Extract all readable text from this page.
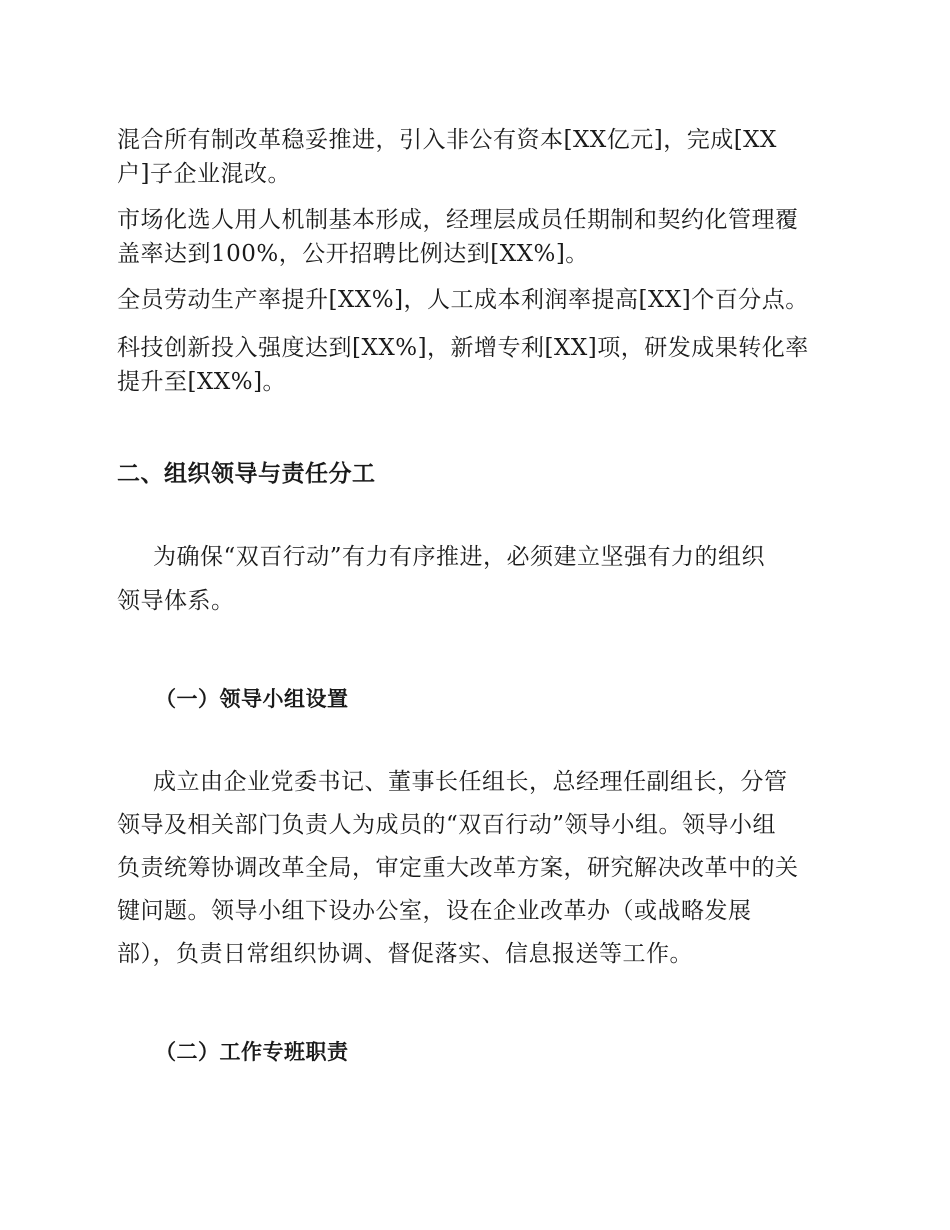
混合所有制改革稳妥推进，引入非公有资本[XX亿元]，完成[XX

户]子企业混改。

市场化选人用人机制基本形成，经理层成员任期制和契约化管理覆

盖率达到100%，公开招聘比例达到[XX%]。

全员劳动生产率提升[XX%]，人工成本利润率提高[XX]个百分点。

科技创新投入强度达到[XX%]，新增专利[XX]项，研发成果转化率

提升至[XX%]。

二、组织领导与责任分工

为确保“双百行动”有力有序推进，必须建立坚强有力的组织

领导体系。

（一）领导小组设置

成立由企业党委书记、董事长任组长，总经理任副组长，分管

领导及相关部门负责人为成员的“双百行动”领导小组。领导小组

负责统筹协调改革全局，审定重大改革方案，研究解决改革中的关

键问题。领导小组下设办公室，设在企业改革办（或战略发展

部），负责日常组织协调、督促落实、信息报送等工作。

（二）工作专班职责
